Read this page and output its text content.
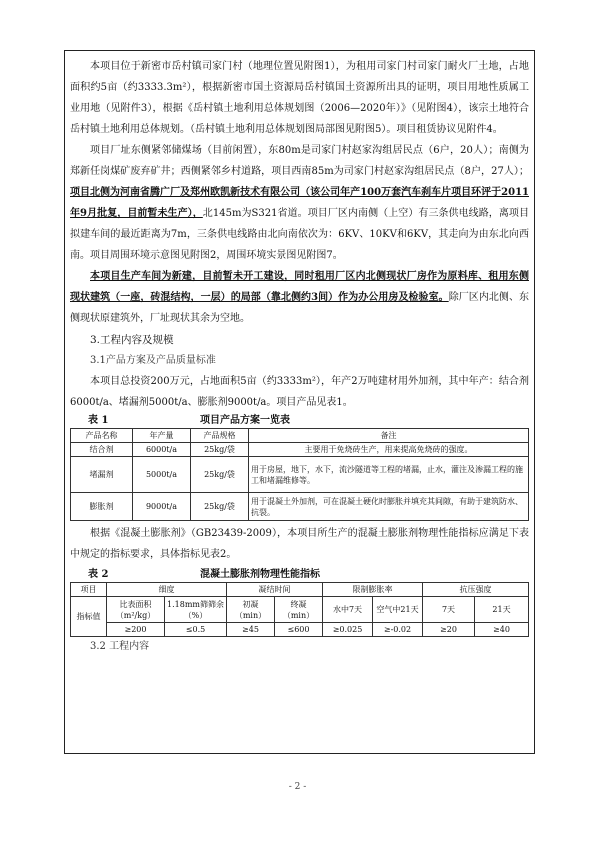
本项目位于新密市岳村镇司家门村（地理位置见附图1），为租用司家门村司家门耐火厂土地，占地面积约5亩（约3333.3m²），根据新密市国土资源局岳村镇国土资源所出具的证明，项目用地性质属工业用地（见附件3），根据《岳村镇土地利用总体规划图（2006—2020年）》（见附图4），该宗土地符合岳村镇土地利用总体规划。（岳村镇土地利用总体规划图局部图见附图5）。项目租赁协议见附件4。

项目厂址东侧紧邻储煤场（目前闲置），东80m是司家门村赵家沟组居民点（6户，20人）；南侧为郑新任岗煤矿废弃矿井；西侧紧邻乡村道路，项目西南85m为司家门村赵家沟组居民点（8户，27人）；项目北侧为河南省腾广厂及郑州欧凯新技术有限公司（该公司年产100万套汽车刹车片项目环评于2011年9月批复，目前暂未生产），北145m为S321省道。项目厂区内南侧（上空）有三条供电线路，离项目拟建车间的最近距离为7m，三条供电线路由北向南依次为：6KV、10KV和6KV，其走向为由东北向西南。项目周围环境示意图见附图2，周围环境实景图见附图7。

本项目生产车间为新建，目前暂未开工建设，同时租用厂区内北侧现状厂房作为原料库、租用东侧现状建筑（一座，砖混结构，一层）的局部（靠北侧约3间）作为办公用房及检验室。除厂区内北侧、东侧现状原建筑外，厂址现状其余为空地。

3.工程内容及规模
3.1产品方案及产品质量标准

本项目总投资200万元，占地面积5亩（约3333m²），年产2万吨建材用外加剂，其中年产：结合剂6000t/a、堵漏剂5000t/a、膨胀剂9000t/a。项目产品见表1。

表 1	项目产品方案一览表
产品名称	年产量	产品规格	备注
结合剂	6000t/a	25kg/袋	主要用于免烧砖生产，用来提高免烧砖的强度。
堵漏剂	5000t/a	25kg/袋	用于房屋，地下，水下，流沙隧道等工程的堵漏，止水，灌注及渗漏工程的施工和堵漏维修等。
膨胀剂	9000t/a	25kg/袋	用于混凝土外加剂，可在混凝土硬化时膨胀并填充其间隙，有助于建筑防水、抗裂。

根据《混凝土膨胀剂》（GB23439-2009），本项目所生产的混凝土膨胀剂物理性能指标应满足下表中规定的指标要求，具体指标见表2。

表 2	混凝土膨胀剂物理性能指标
项目	细度		凝结时间		限制膨胀率		抗压强度	
指标值	比表面积（m²/kg）	1.18mm筛筛余（%）	初凝（min）	终凝（min）	水中7天	空气中21天	7天	21天
	≥200	≤0.5	≥45	≤600	≥0.025	≥-0.02	≥20	≥40
3.2 工程内容
- 2 -
